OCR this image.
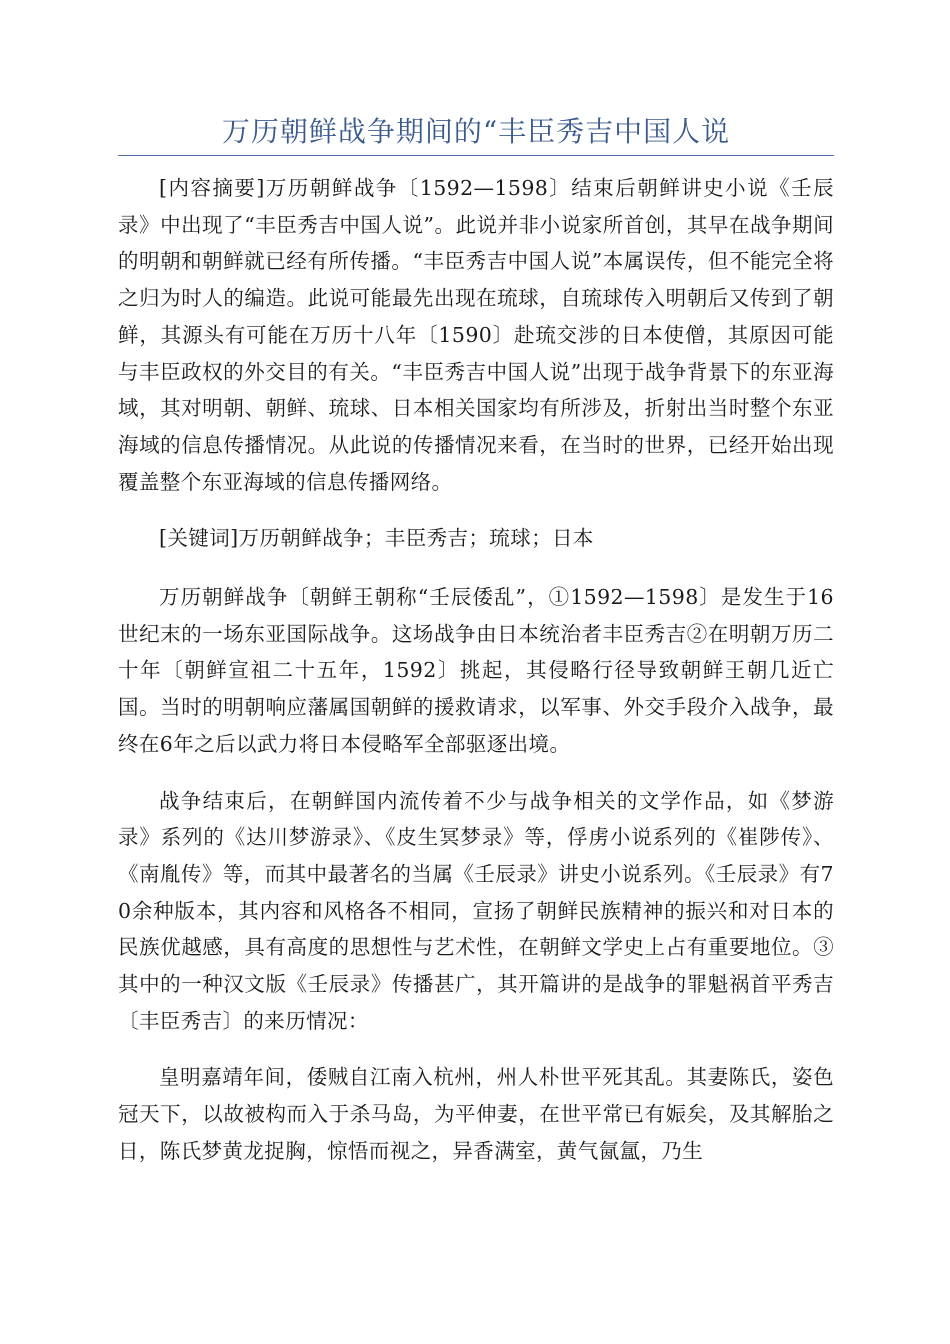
万历朝鲜战争期间的“丰臣秀吉中国人说

[内容摘要]万历朝鲜战争〔1592—1598〕结束后朝鲜讲史小说《壬辰录》中出现了“丰臣秀吉中国人说”。此说并非小说家所首创，其早在战争期间的明朝和朝鲜就已经有所传播。“丰臣秀吉中国人说”本属误传，但不能完全将之归为时人的编造。此说可能最先出现在琉球，自琉球传入明朝后又传到了朝鲜，其源头有可能在万历十八年〔1590〕赴琉交涉的日本使僧，其原因可能与丰臣政权的外交目的有关。“丰臣秀吉中国人说”出现于战争背景下的东亚海域，其对明朝、朝鲜、琉球、日本相关国家均有所涉及，折射出当时整个东亚海域的信息传播情况。从此说的传播情况来看，在当时的世界，已经开始出现覆盖整个东亚海域的信息传播网络。

[关键词]万历朝鲜战争；丰臣秀吉；琉球；日本

万历朝鲜战争〔朝鲜王朝称“壬辰倭乱”，①1592—1598〕是发生于16世纪末的一场东亚国际战争。这场战争由日本统治者丰臣秀吉②在明朝万历二十年〔朝鲜宣祖二十五年，1592〕挑起，其侵略行径导致朝鲜王朝几近亡国。当时的明朝响应藩属国朝鲜的援救请求，以军事、外交手段介入战争，最终在6年之后以武力将日本侵略军全部驱逐出境。

战争结束后，在朝鲜国内流传着不少与战争相关的文学作品，如《梦游录》系列的《达川梦游录》、《皮生冥梦录》等，俘虏小说系列的《崔陟传》、《南胤传》等，而其中最著名的当属《壬辰录》讲史小说系列。《壬辰录》有70余种版本，其内容和风格各不相同，宣扬了朝鲜民族精神的振兴和对日本的民族优越感，具有高度的思想性与艺术性，在朝鲜文学史上占有重要地位。③其中的一种汉文版《壬辰录》传播甚广，其开篇讲的是战争的罪魁祸首平秀吉〔丰臣秀吉〕的来历情况：

皇明嘉靖年间，倭贼自江南入杭州，州人朴世平死其乱。其妻陈氏，姿色冠天下，以故被构而入于杀马岛，为平伸妻，在世平常已有娠矣，及其解胎之日，陈氏梦黄龙捉胸，惊悟而视之，异香满室，黄气氤氲，乃生
